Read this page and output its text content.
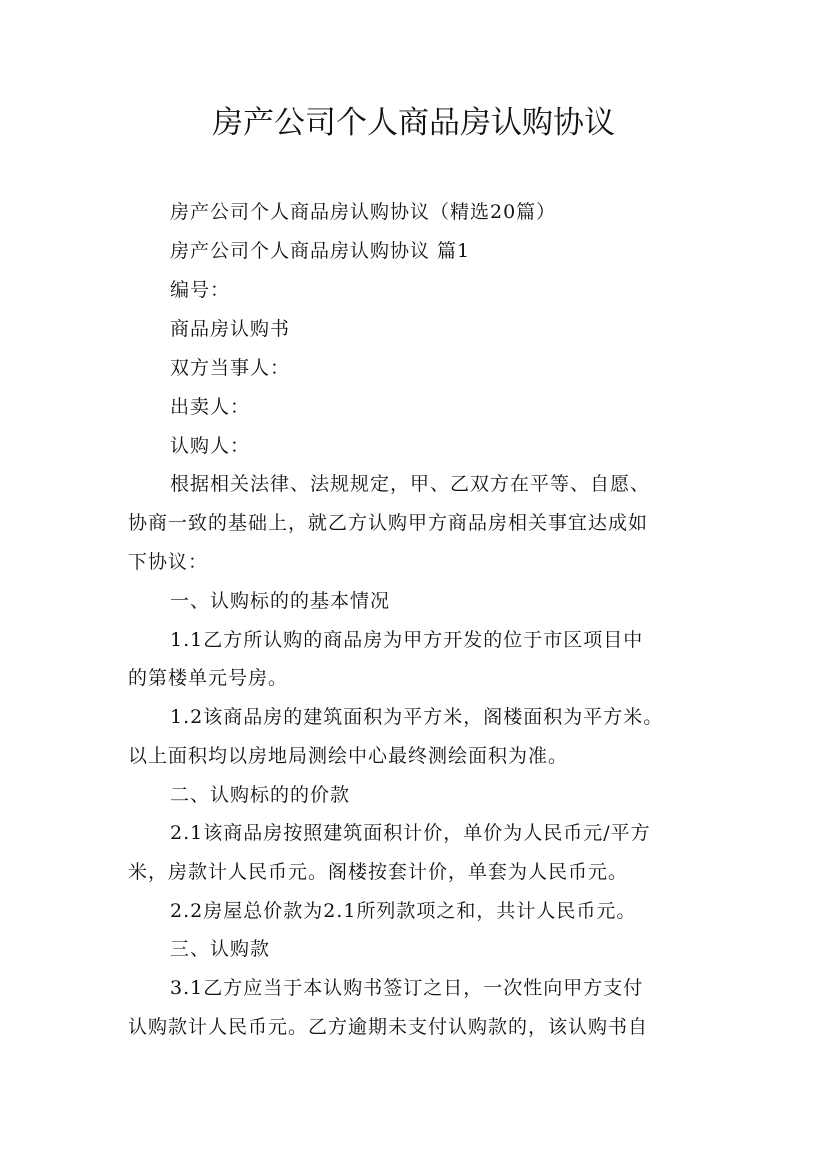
房产公司个人商品房认购协议
房产公司个人商品房认购协议（精选20篇）
房产公司个人商品房认购协议 篇1
编号：
商品房认购书
双方当事人：
出卖人：
认购人：
根据相关法律、法规规定，甲、乙双方在平等、自愿、
协商一致的基础上，就乙方认购甲方商品房相关事宜达成如
下协议：
一、认购标的的基本情况
1.1乙方所认购的商品房为甲方开发的位于市区项目中
的第楼单元号房。
1.2该商品房的建筑面积为平方米，阁楼面积为平方米。
以上面积均以房地局测绘中心最终测绘面积为准。
二、认购标的的价款
2.1该商品房按照建筑面积计价，单价为人民币元/平方
米，房款计人民币元。阁楼按套计价，单套为人民币元。
2.2房屋总价款为2.1所列款项之和，共计人民币元。
三、认购款
3.1乙方应当于本认购书签订之日，一次性向甲方支付
认购款计人民币元。乙方逾期未支付认购款的，该认购书自
